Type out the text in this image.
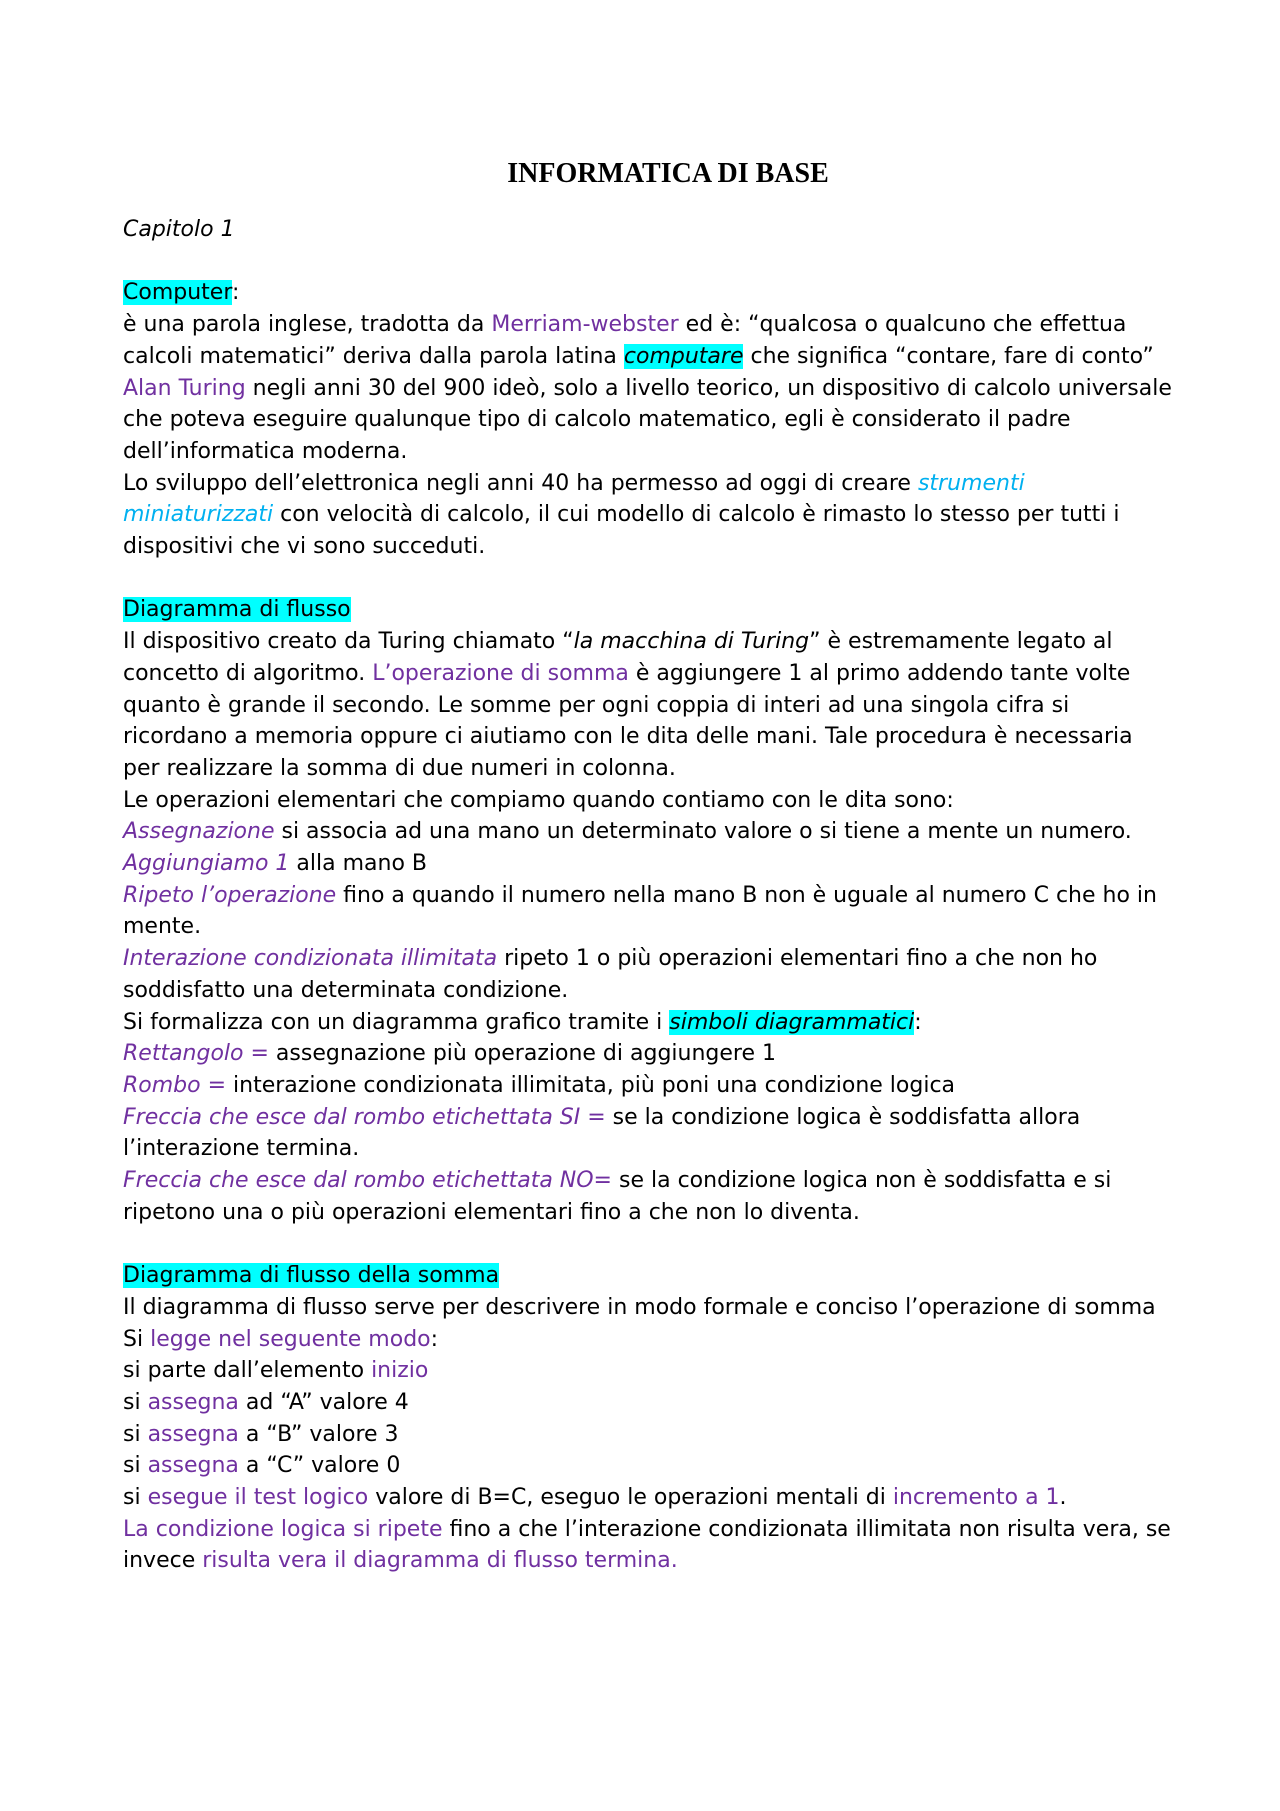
INFORMATICA DI BASE

Capitolo 1

Computer:

è una parola inglese, tradotta da Merriam-webster ed è: “qualcosa o qualcuno che effettua calcoli matematici” deriva dalla parola latina computare che significa “contare, fare di conto”

Alan Turing negli anni 30 del 900 ideò, solo a livello teorico, un dispositivo di calcolo universale che poteva eseguire qualunque tipo di calcolo matematico, egli è considerato il padre dell’informatica moderna.

Lo sviluppo dell’elettronica negli anni 40 ha permesso ad oggi di creare strumenti miniaturizzati con velocità di calcolo, il cui modello di calcolo è rimasto lo stesso per tutti i dispositivi che vi sono succeduti.

Diagramma di flusso

Il dispositivo creato da Turing chiamato “la macchina di Turing” è estremamente legato al concetto di algoritmo. L’operazione di somma è aggiungere 1 al primo addendo tante volte quanto è grande il secondo. Le somme per ogni coppia di interi ad una singola cifra si ricordano a memoria oppure ci aiutiamo con le dita delle mani. Tale procedura è necessaria per realizzare la somma di due numeri in colonna.

Le operazioni elementari che compiamo quando contiamo con le dita sono:

Assegnazione si associa ad una mano un determinato valore o si tiene a mente un numero.

Aggiungiamo 1 alla mano B

Ripeto l’operazione fino a quando il numero nella mano B non è uguale al numero C che ho in mente.

Interazione condizionata illimitata ripeto 1 o più operazioni elementari fino a che non ho soddisfatto una determinata condizione.

Si formalizza con un diagramma grafico tramite i simboli diagrammatici:

Rettangolo = assegnazione più operazione di aggiungere 1

Rombo = interazione condizionata illimitata, più poni una condizione logica

Freccia che esce dal rombo etichettata SI = se la condizione logica è soddisfatta allora l’interazione termina.

Freccia che esce dal rombo etichettata NO= se la condizione logica non è soddisfatta e si ripetono una o più operazioni elementari fino a che non lo diventa.

Diagramma di flusso della somma

Il diagramma di flusso serve per descrivere in modo formale e conciso l’operazione di somma

Si legge nel seguente modo:

si parte dall’elemento inizio

si assegna ad “A” valore 4

si assegna a “B” valore 3

si assegna a “C” valore 0

si esegue il test logico valore di B=C, eseguo le operazioni mentali di incremento a 1.

La condizione logica si ripete fino a che l’interazione condizionata illimitata non risulta vera, se invece risulta vera il diagramma di flusso termina.
